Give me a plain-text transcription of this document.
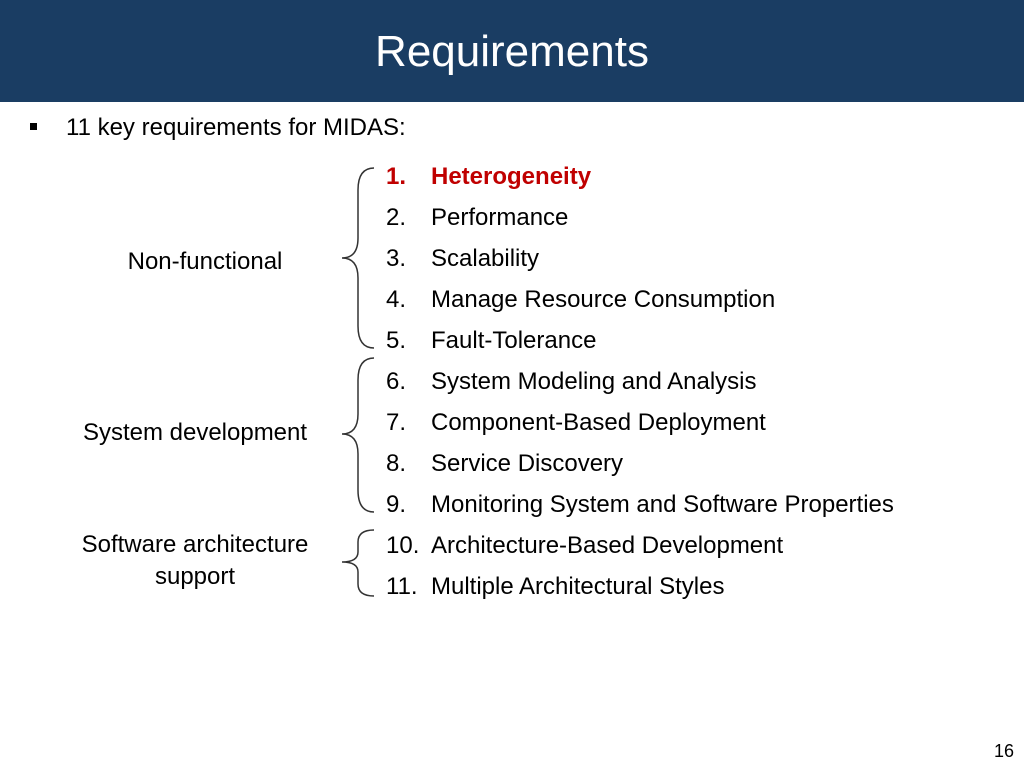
Requirements
11 key requirements for MIDAS:
Non-functional
System development
Software architecture support
1. Heterogeneity
2. Performance
3. Scalability
4. Manage Resource Consumption
5. Fault-Tolerance
6. System Modeling and Analysis
7. Component-Based Deployment
8. Service Discovery
9. Monitoring System and Software Properties
10. Architecture-Based Development
11. Multiple Architectural Styles
16
